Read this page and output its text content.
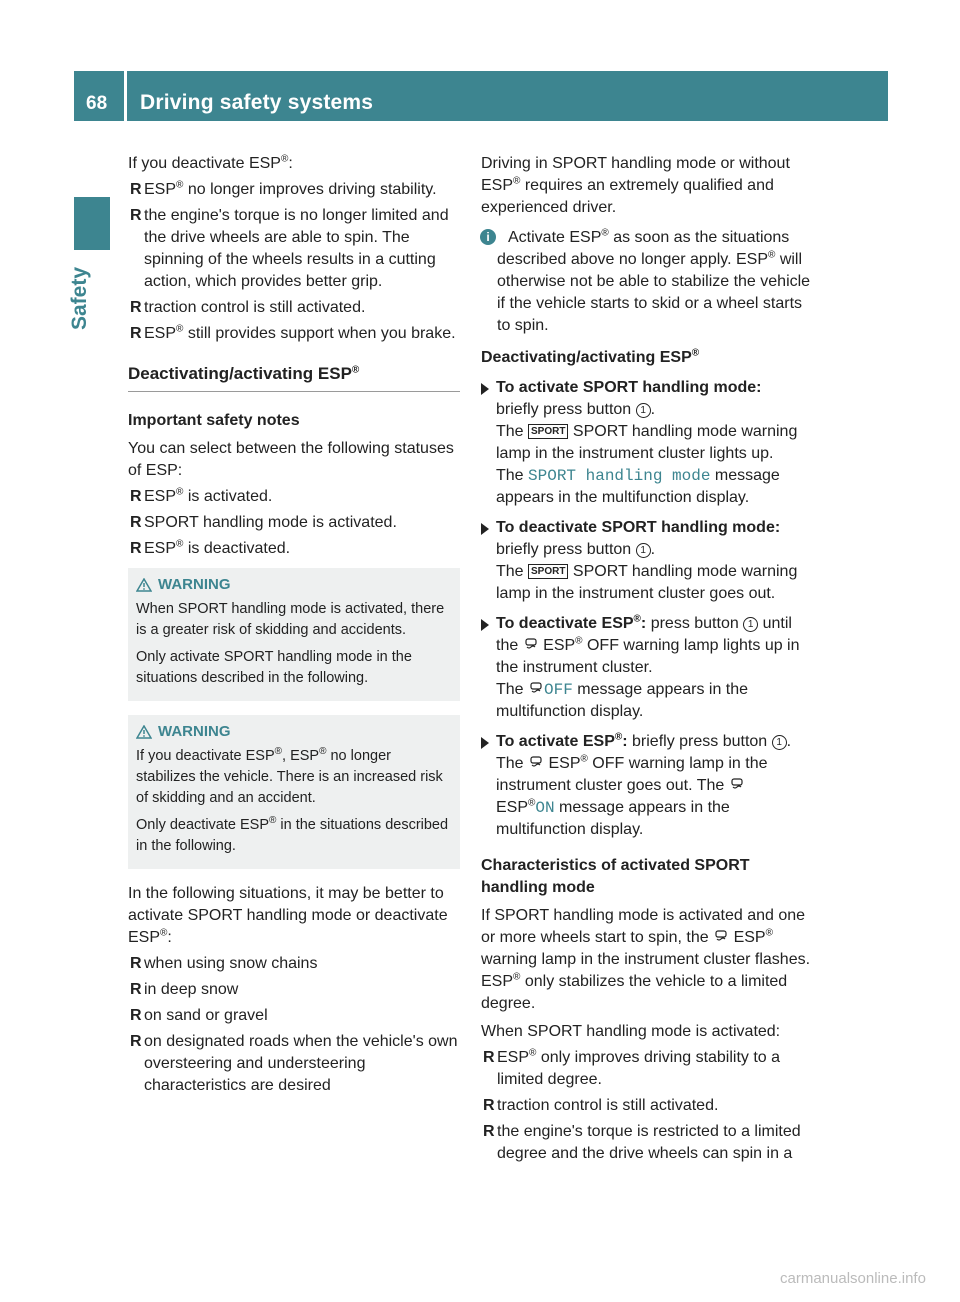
68 Driving safety systems
Safety

If you deactivate ESP®:

R ESP® no longer improves driving stability.
R the engine's torque is no longer limited and the drive wheels are able to spin. The spinning of the wheels results in a cutting action, which provides better grip.
R traction control is still activated.
R ESP® still provides support when you brake.
Deactivating/activating ESP®

Important safety notes

You can select between the following statuses of ESP:

R ESP® is activated.
R SPORT handling mode is activated.
R ESP® is deactivated.
WARNING

When SPORT handling mode is activated, there is a greater risk of skidding and accidents.

Only activate SPORT handling mode in the situations described in the following.

WARNING

If you deactivate ESP®, ESP® no longer stabilizes the vehicle. There is an increased risk of skidding and an accident.

Only deactivate ESP® in the situations described in the following.

In the following situations, it may be better to activate SPORT handling mode or deactivate ESP®:

R when using snow chains
R in deep snow
R on sand or gravel
R on designated roads when the vehicle's own oversteering and understeering characteristics are desired

Driving in SPORT handling mode or without ESP® requires an extremely qualified and experienced driver.

i	Activate ESP® as soon as the situations described above no longer apply. ESP® will otherwise not be able to stabilize the vehicle if the vehicle starts to skid or a wheel starts to spin.

Deactivating/activating ESP®

To activate SPORT handling mode:
briefly press button 1 .
The SPORT SPORT handling mode warning lamp in the instrument cluster lights up.
The SPORT handling mode message appears in the multifunction display.
To deactivate SPORT handling mode:
briefly press button 1 .
The SPORT SPORT handling mode warning lamp in the instrument cluster goes out.
To deactivate ESP®: press button 1 until the  ESP® OFF warning lamp lights up in the instrument cluster.
The OFF message appears in the multifunction display.
To activate ESP®: briefly press button 1 .
The  ESP® OFF warning lamp in the instrument cluster goes out. The
ESP®ON message appears in the multifunction display.

Characteristics of activated SPORT handling mode

If SPORT handling mode is activated and one or more wheels start to spin, the  ESP® warning lamp in the instrument cluster flashes. ESP® only stabilizes the vehicle to a limited degree.

When SPORT handling mode is activated:

R ESP® only improves driving stability to a limited degree.
R traction control is still activated.
R the engine's torque is restricted to a limited degree and the drive wheels can spin in a
carmanualsonline.info
